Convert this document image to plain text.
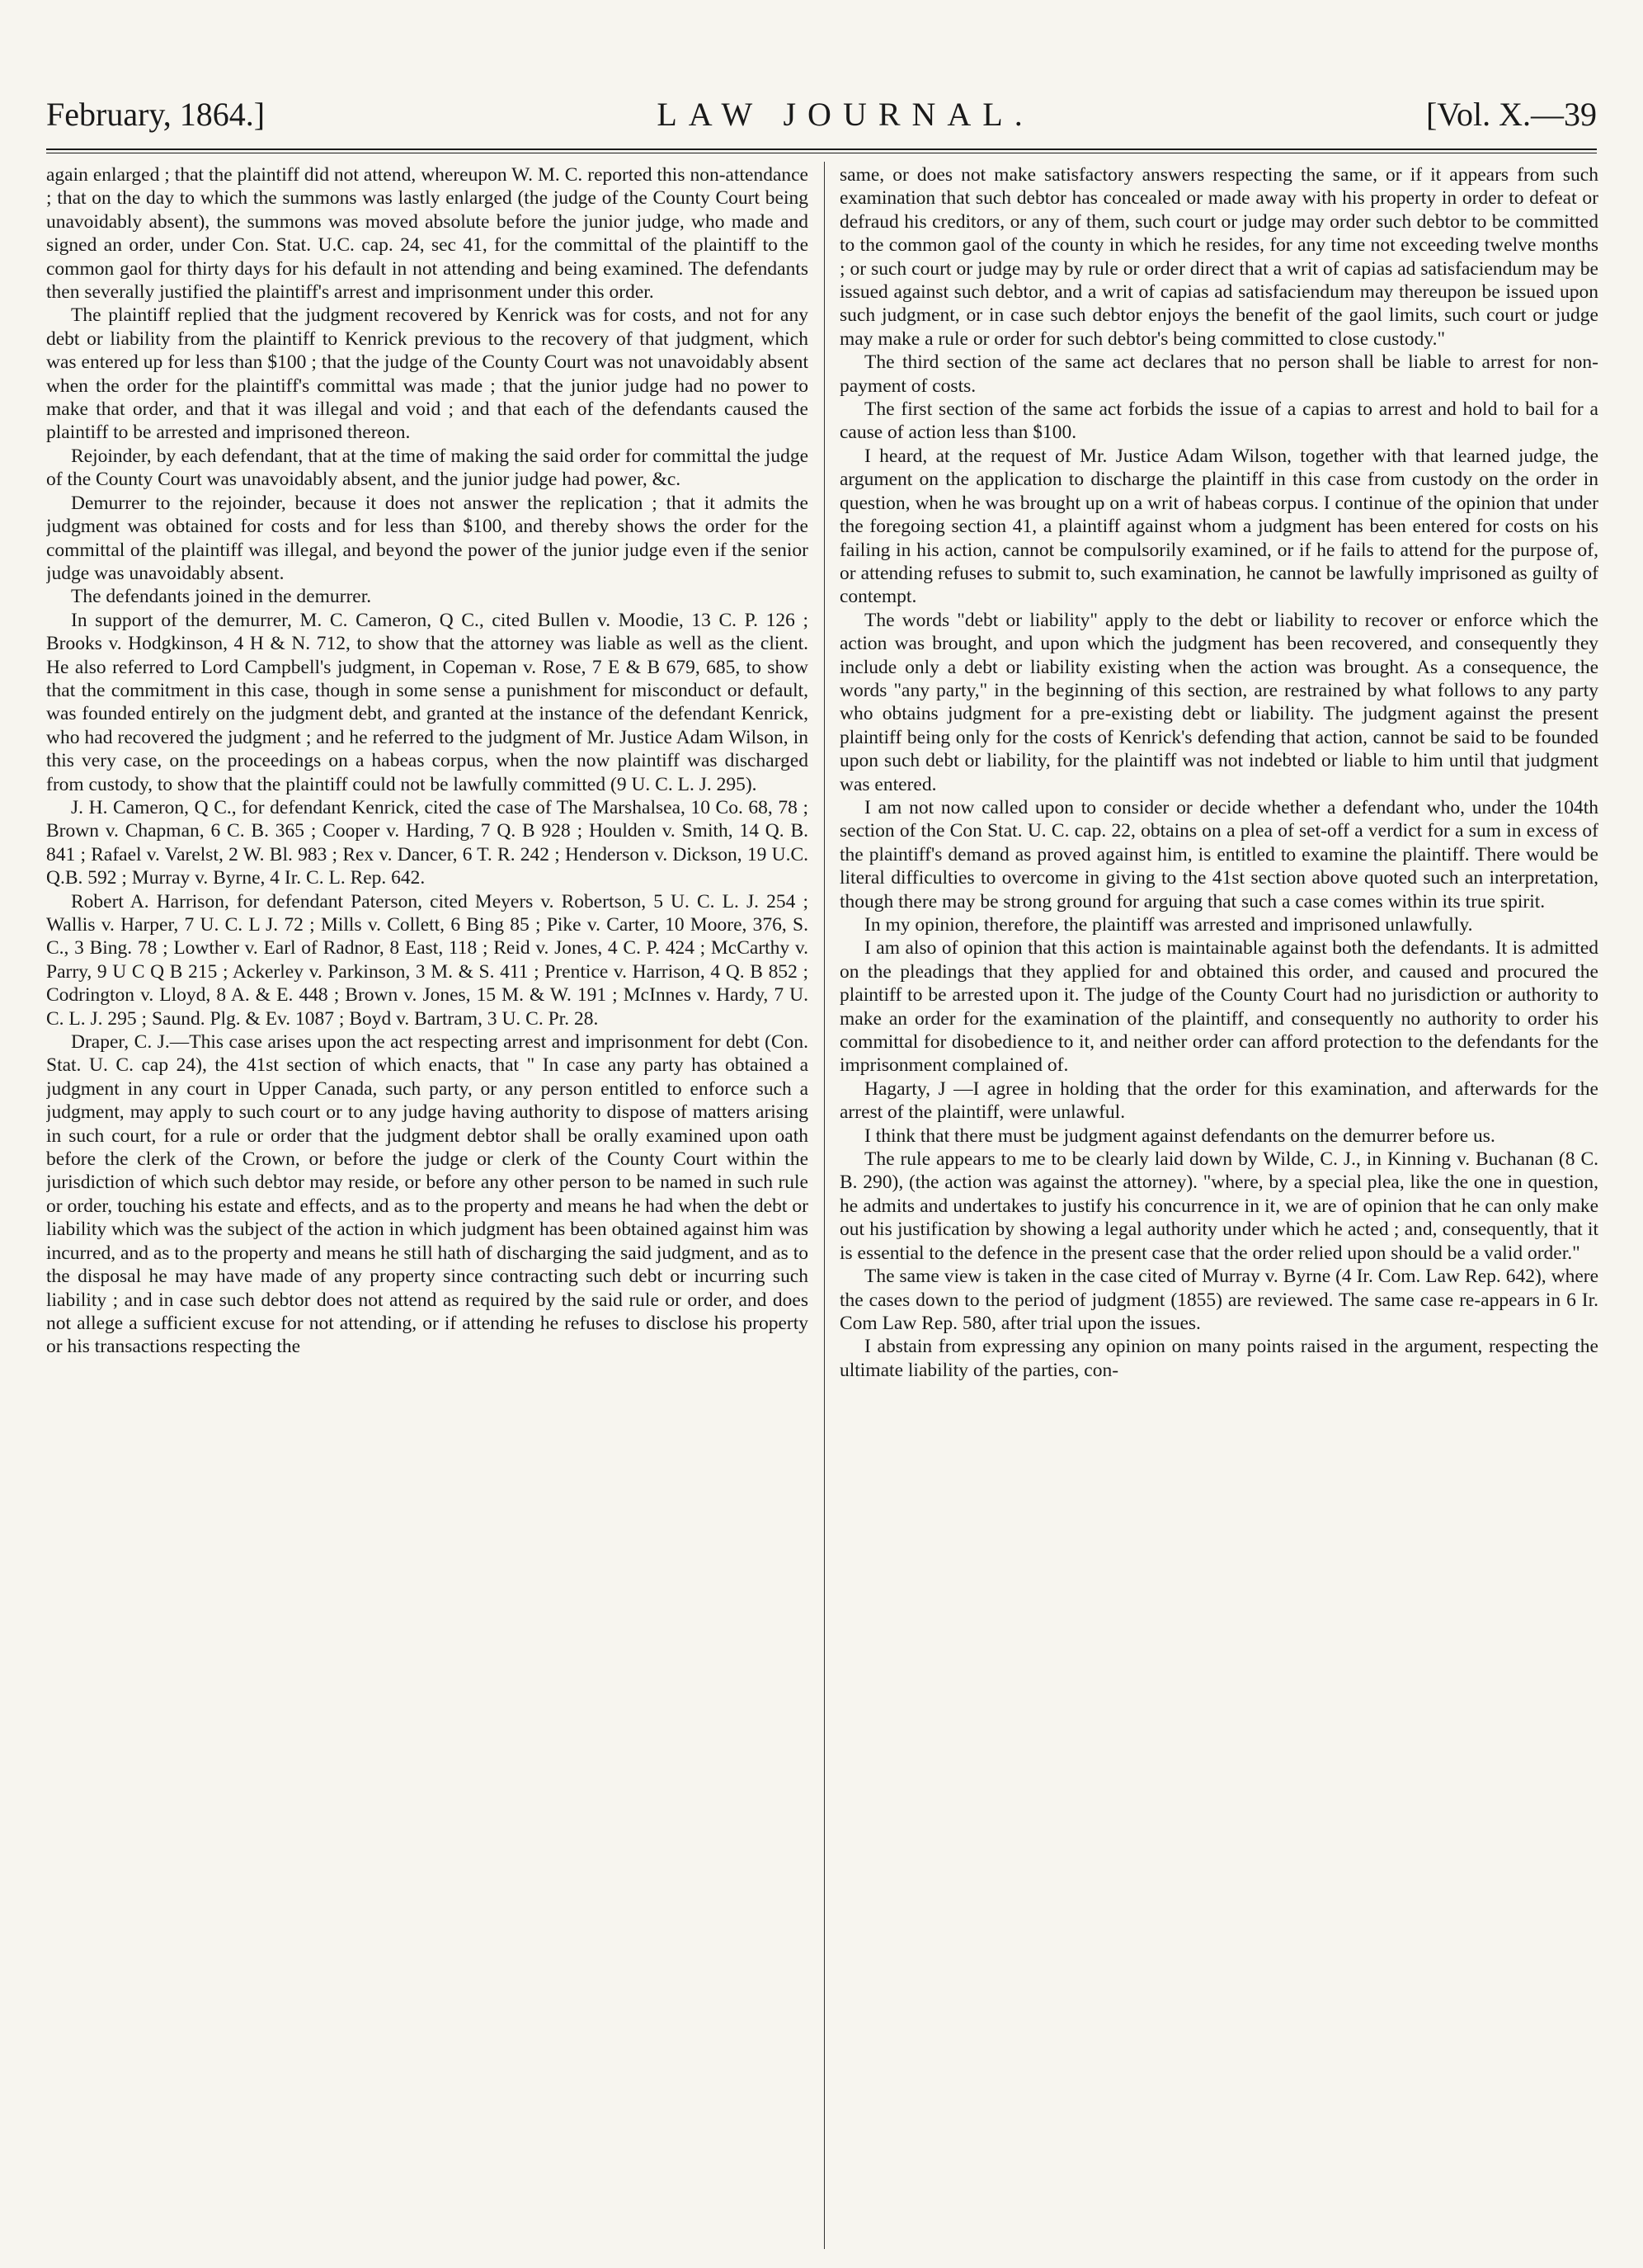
February, 1864.]	LAW JOURNAL.	[Vol. X.—39

again enlarged ; that the plaintiff did not attend, whereupon W. M. C. reported this non-attendance ; that on the day to which the summons was lastly enlarged (the judge of the County Court being unavoidably absent), the summons was moved absolute before the junior judge, who made and signed an order, under Con. Stat. U.C. cap. 24, sec 41, for the committal of the plaintiff to the common gaol for thirty days for his default in not attending and being examined. The defendants then severally justified the plaintiff's arrest and imprisonment under this order.

The plaintiff replied that the judgment recovered by Kenrick was for costs, and not for any debt or liability from the plaintiff to Kenrick previous to the recovery of that judgment, which was entered up for less than $100 ; that the judge of the County Court was not unavoidably absent when the order for the plaintiff's committal was made ; that the junior judge had no power to make that order, and that it was illegal and void ; and that each of the defendants caused the plaintiff to be arrested and imprisoned thereon.

Rejoinder, by each defendant, that at the time of making the said order for committal the judge of the County Court was unavoidably absent, and the junior judge had power, &c.

Demurrer to the rejoinder, because it does not answer the replication ; that it admits the judgment was obtained for costs and for less than $100, and thereby shows the order for the committal of the plaintiff was illegal, and beyond the power of the junior judge even if the senior judge was unavoidably absent.

The defendants joined in the demurrer.

In support of the demurrer, M. C. Cameron, Q C., cited Bullen v. Moodie, 13 C. P. 126 ; Brooks v. Hodgkinson, 4 H & N. 712, to show that the attorney was liable as well as the client. He also referred to Lord Campbell's judgment, in Copeman v. Rose, 7 E & B 679, 685, to show that the commitment in this case, though in some sense a punishment for misconduct or default, was founded entirely on the judgment debt, and granted at the instance of the defendant Kenrick, who had recovered the judgment ; and he referred to the judgment of Mr. Justice Adam Wilson, in this very case, on the proceedings on a habeas corpus, when the now plaintiff was discharged from custody, to show that the plaintiff could not be lawfully committed (9 U. C. L. J. 295).

J. H. Cameron, Q C., for defendant Kenrick, cited the case of The Marshalsea, 10 Co. 68, 78 ; Brown v. Chapman, 6 C. B. 365 ; Cooper v. Harding, 7 Q. B 928 ; Houlden v. Smith, 14 Q. B. 841 ; Rafael v. Varelst, 2 W. Bl. 983 ; Rex v. Dancer, 6 T. R. 242 ; Henderson v. Dickson, 19 U.C. Q.B. 592 ; Murray v. Byrne, 4 Ir. C. L. Rep. 642.

Robert A. Harrison, for defendant Paterson, cited Meyers v. Robertson, 5 U. C. L. J. 254 ; Wallis v. Harper, 7 U. C. L J. 72 ; Mills v. Collett, 6 Bing 85 ; Pike v. Carter, 10 Moore, 376, S. C., 3 Bing. 78 ; Lowther v. Earl of Radnor, 8 East, 118 ; Reid v. Jones, 4 C. P. 424 ; McCarthy v. Parry, 9 U C Q B 215 ; Ackerley v. Parkinson, 3 M. & S. 411 ; Prentice v. Harrison, 4 Q. B 852 ; Codrington v. Lloyd, 8 A. & E. 448 ; Brown v. Jones, 15 M. & W. 191 ; McInnes v. Hardy, 7 U. C. L. J. 295 ; Saund. Plg. & Ev. 1087 ; Boyd v. Bartram, 3 U. C. Pr. 28.

Draper, C. J.—This case arises upon the act respecting arrest and imprisonment for debt (Con. Stat. U. C. cap 24), the 41st section of which enacts, that " In case any party has obtained a judgment in any court in Upper Canada, such party, or any person entitled to enforce such a judgment, may apply to such court or to any judge having authority to dispose of matters arising in such court, for a rule or order that the judgment debtor shall be orally examined upon oath before the clerk of the Crown, or before the judge or clerk of the County Court within the jurisdiction of which such debtor may reside, or before any other person to be named in such rule or order, touching his estate and effects, and as to the property and means he had when the debt or liability which was the subject of the action in which judgment has been obtained against him was incurred, and as to the property and means he still hath of discharging the said judgment, and as to the disposal he may have made of any property since contracting such debt or incurring such liability ; and in case such debtor does not attend as required by the said rule or order, and does not allege a sufficient excuse for not attending, or if attending he refuses to disclose his property or his transactions respecting the

same, or does not make satisfactory answers respecting the same, or if it appears from such examination that such debtor has concealed or made away with his property in order to defeat or defraud his creditors, or any of them, such court or judge may order such debtor to be committed to the common gaol of the county in which he resides, for any time not exceeding twelve months ; or such court or judge may by rule or order direct that a writ of capias ad satisfaciendum may be issued against such debtor, and a writ of capias ad satisfaciendum may thereupon be issued upon such judgment, or in case such debtor enjoys the benefit of the gaol limits, such court or judge may make a rule or order for such debtor's being committed to close custody."

The third section of the same act declares that no person shall be liable to arrest for non-payment of costs.

The first section of the same act forbids the issue of a capias to arrest and hold to bail for a cause of action less than $100.

I heard, at the request of Mr. Justice Adam Wilson, together with that learned judge, the argument on the application to discharge the plaintiff in this case from custody on the order in question, when he was brought up on a writ of habeas corpus. I continue of the opinion that under the foregoing section 41, a plaintiff against whom a judgment has been entered for costs on his failing in his action, cannot be compulsorily examined, or if he fails to attend for the purpose of, or attending refuses to submit to, such examination, he cannot be lawfully imprisoned as guilty of contempt.

The words "debt or liability" apply to the debt or liability to recover or enforce which the action was brought, and upon which the judgment has been recovered, and consequently they include only a debt or liability existing when the action was brought. As a consequence, the words "any party," in the beginning of this section, are restrained by what follows to any party who obtains judgment for a pre-existing debt or liability. The judgment against the present plaintiff being only for the costs of Kenrick's defending that action, cannot be said to be founded upon such debt or liability, for the plaintiff was not indebted or liable to him until that judgment was entered.

I am not now called upon to consider or decide whether a defendant who, under the 104th section of the Con Stat. U. C. cap. 22, obtains on a plea of set-off a verdict for a sum in excess of the plaintiff's demand as proved against him, is entitled to examine the plaintiff. There would be literal difficulties to overcome in giving to the 41st section above quoted such an interpretation, though there may be strong ground for arguing that such a case comes within its true spirit.

In my opinion, therefore, the plaintiff was arrested and imprisoned unlawfully.

I am also of opinion that this action is maintainable against both the defendants. It is admitted on the pleadings that they applied for and obtained this order, and caused and procured the plaintiff to be arrested upon it. The judge of the County Court had no jurisdiction or authority to make an order for the examination of the plaintiff, and consequently no authority to order his committal for disobedience to it, and neither order can afford protection to the defendants for the imprisonment complained of.

Hagarty, J —I agree in holding that the order for this examination, and afterwards for the arrest of the plaintiff, were unlawful.

I think that there must be judgment against defendants on the demurrer before us.

The rule appears to me to be clearly laid down by Wilde, C. J., in Kinning v. Buchanan (8 C. B. 290), (the action was against the attorney). "where, by a special plea, like the one in question, he admits and undertakes to justify his concurrence in it, we are of opinion that he can only make out his justification by showing a legal authority under which he acted ; and, consequently, that it is essential to the defence in the present case that the order relied upon should be a valid order."

The same view is taken in the case cited of Murray v. Byrne (4 Ir. Com. Law Rep. 642), where the cases down to the period of judgment (1855) are reviewed. The same case re-appears in 6 Ir. Com Law Rep. 580, after trial upon the issues.

I abstain from expressing any opinion on many points raised in the argument, respecting the ultimate liability of the parties, con-
